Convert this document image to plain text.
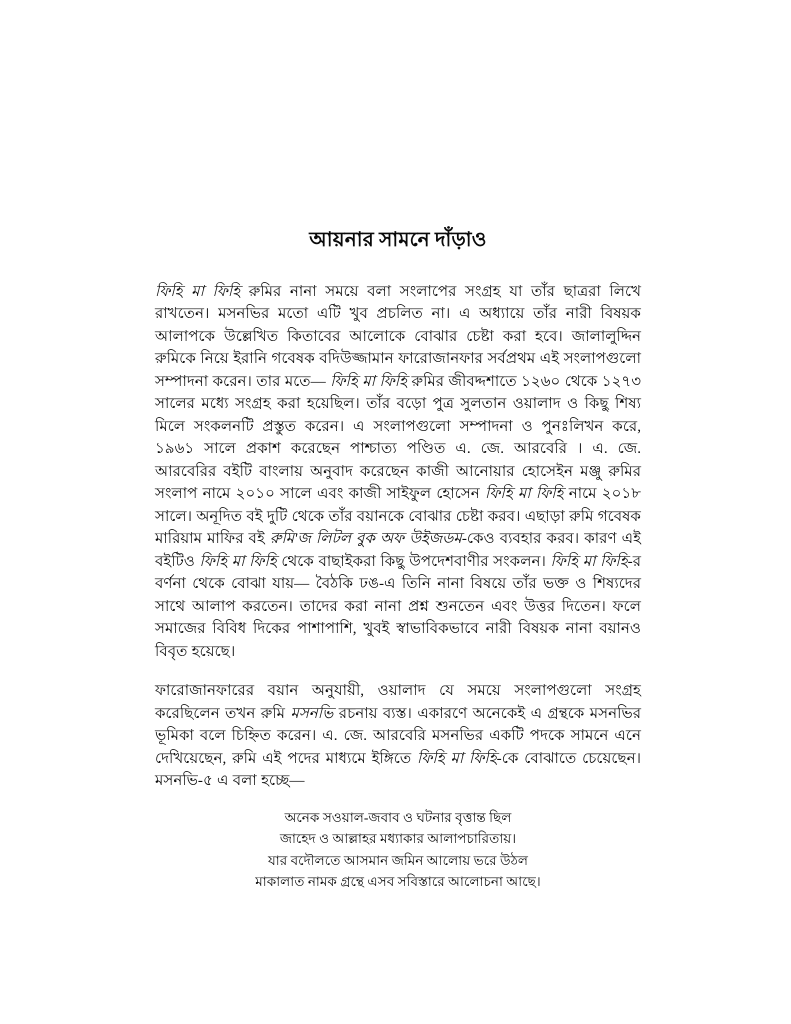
আয়নার সামনে দাঁড়াও

ফিহি মা ফিহি রুমির নানা সময়ে বলা সংলাপের সংগ্রহ যা তাঁর ছাত্ররা লিখে রাখতেন। মসনভির মতো এটি খুব প্রচলিত না। এ অধ্যায়ে তাঁর নারী বিষয়ক আলাপকে উল্লেখিত কিতাবের আলোকে বোঝার চেষ্টা করা হবে। জালালুদ্দিন রুমিকে নিয়ে ইরানি গবেষক বদিউজ্জামান ফারোজানফার সর্বপ্রথম এই সংলাপগুলো সম্পাদনা করেন। তার মতে— ফিহি মা ফিহি রুমির জীবদ্দশাতে ১২৬০ থেকে ১২৭৩ সালের মধ্যে সংগ্রহ করা হয়েছিল। তাঁর বড়ো পুত্র সুলতান ওয়ালাদ ও কিছু শিষ্য মিলে সংকলনটি প্রস্তুত করেন। এ সংলাপগুলো সম্পাদনা ও পুনঃলিখন করে, ১৯৬১ সালে প্রকাশ করেছেন পাশ্চাত্য পণ্ডিত এ. জে. আরবেরি । এ. জে. আরবেরির বইটি বাংলায় অনুবাদ করেছেন কাজী আনোয়ার হোসেইন মঞ্জু রুমির সংলাপ নামে ২০১০ সালে এবং কাজী সাইফুল হোসেন ফিহি মা ফিহি নামে ২০১৮ সালে। অনূদিত বই দুটি থেকে তাঁর বয়ানকে বোঝার চেষ্টা করব। এছাড়া রুমি গবেষক মারিয়াম মাফির বই রুমি'জ লিটল বুক অফ উইজডম-কেও ব্যবহার করব। কারণ এই বইটিও ফিহি মা ফিহি থেকে বাছাইকরা কিছু উপদেশবাণীর সংকলন। ফিহি মা ফিহি-র বর্ণনা থেকে বোঝা যায়— বৈঠকি ঢঙ-এ তিনি নানা বিষয়ে তাঁর ভক্ত ও শিষ্যদের সাথে আলাপ করতেন। তাদের করা নানা প্রশ্ন শুনতেন এবং উত্তর দিতেন। ফলে সমাজের বিবিধ দিকের পাশাপাশি, খুবই স্বাভাবিকভাবে নারী বিষয়ক নানা বয়ানও বিবৃত হয়েছে।

ফারোজানফারের বয়ান অনুযায়ী, ওয়ালাদ যে সময়ে সংলাপগুলো সংগ্রহ করেছিলেন তখন রুমি মসনভি রচনায় ব্যস্ত। একারণে অনেকেই এ গ্রন্থকে মসনভির ভূমিকা বলে চিহ্নিত করেন। এ. জে. আরবেরি মসনভির একটি পদকে সামনে এনে দেখিয়েছেন, রুমি এই পদের মাধ্যমে ইঙ্গিতে ফিহি মা ফিহি-কে বোঝাতে চেয়েছেন। মসনভি-৫ এ বলা হচ্ছে—

অনেক সওয়াল-জবাব ও ঘটনার বৃত্তান্ত ছিল
জাহেদ ও আল্লাহর মধ্যাকার আলাপচারিতায়।
যার বদৌলতে আসমান জমিন আলোয় ভরে উঠল
মাকালাত নামক গ্রন্থে এসব সবিস্তারে আলোচনা আছে।
